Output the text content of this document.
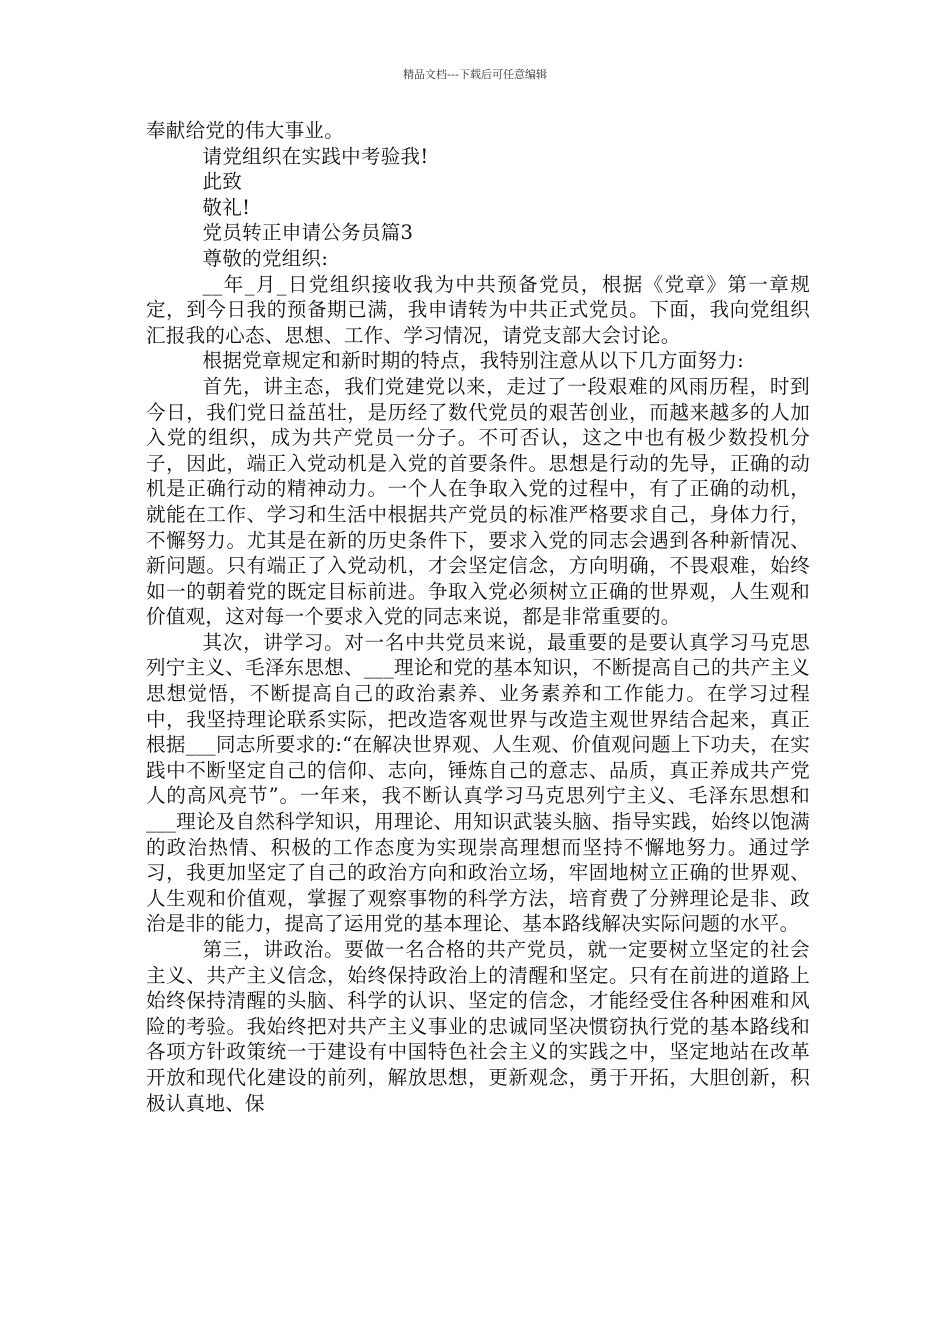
精品文档---下载后可任意编辑

奉献给党的伟大事业。

请党组织在实践中考验我!

此致

敬礼!

党员转正申请公务员篇3

尊敬的党组织:

__年_月_日党组织接收我为中共预备党员，根据《党章》第一章规定，到今日我的预备期已满，我申请转为中共正式党员。下面，我向党组织汇报我的心态、思想、工作、学习情况，请党支部大会讨论。

根据党章规定和新时期的特点，我特别注意从以下几方面努力:

首先，讲主态，我们党建党以来，走过了一段艰难的风雨历程，时到今日，我们党日益茁壮，是历经了数代党员的艰苦创业，而越来越多的人加入党的组织，成为共产党员一分子。不可否认，这之中也有极少数投机分子，因此，端正入党动机是入党的首要条件。思想是行动的先导，正确的动机是正确行动的精神动力。一个人在争取入党的过程中，有了正确的动机，就能在工作、学习和生活中根据共产党员的标准严格要求自己，身体力行，不懈努力。尤其是在新的历史条件下，要求入党的同志会遇到各种新情况、新问题。只有端正了入党动机，才会坚定信念，方向明确，不畏艰难，始终如一的朝着党的既定目标前进。争取入党必须树立正确的世界观，人生观和价值观，这对每一个要求入党的同志来说，都是非常重要的。

其次，讲学习。对一名中共党员来说，最重要的是要认真学习马克思列宁主义、毛泽东思想、___理论和党的基本知识，不断提高自己的共产主义思想觉悟，不断提高自己的政治素养、业务素养和工作能力。在学习过程中，我坚持理论联系实际，把改造客观世界与改造主观世界结合起来，真正根据___同志所要求的:“在解决世界观、人生观、价值观问题上下功夫，在实践中不断坚定自己的信仰、志向，锤炼自己的意志、品质，真正养成共产党人的高风亮节”。一年来，我不断认真学习马克思列宁主义、毛泽东思想和___理论及自然科学知识，用理论、用知识武装头脑、指导实践，始终以饱满的政治热情、积极的工作态度为实现崇高理想而坚持不懈地努力。通过学习，我更加坚定了自己的政治方向和政治立场，牢固地树立正确的世界观、人生观和价值观，掌握了观察事物的科学方法，培育费了分辨理论是非、政治是非的能力，提高了运用党的基本理论、基本路线解决实际问题的水平。

第三，讲政治。要做一名合格的共产党员，就一定要树立坚定的社会主义、共产主义信念，始终保持政治上的清醒和坚定。只有在前进的道路上始终保持清醒的头脑、科学的认识、坚定的信念，才能经受住各种困难和风险的考验。我始终把对共产主义事业的忠诚同坚决惯窃执行党的基本路线和各项方针政策统一于建设有中国特色社会主义的实践之中，坚定地站在改革开放和现代化建设的前列，解放思想，更新观念，勇于开拓，大胆创新，积极认真地、保
